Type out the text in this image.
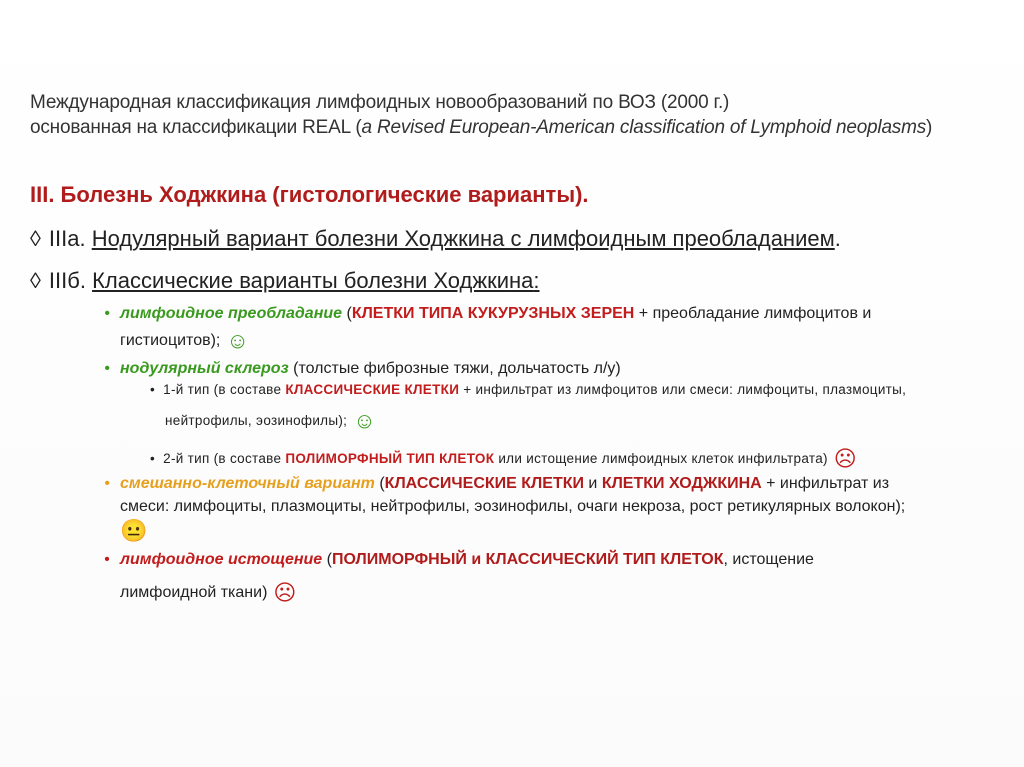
Международная классификация лимфоидных новообразований по ВОЗ (2000 г.)
основанная на классификации REAL (a Revised European-American classification of Lymphoid neoplasms)
III. Болезнь Ходжкина (гистологические варианты).
◊ IIIа. Нодулярный вариант болезни Ходжкина с лимфоидным преобладанием.
◊ IIIб. Классические варианты болезни Ходжкина:
• лимфоидное преобладание (КЛЕТКИ ТИПА КУКУРУЗНЫХ ЗЕРЕН + преобладание лимфоцитов и
гистиоцитов); ☺
• нодулярный склероз (толстые фиброзные тяжи, дольчатость л/у)
• 1-й тип (в составе КЛАССИЧЕСКИЕ КЛЕТКИ + инфильтрат из лимфоцитов или смеси: лимфоциты, плазмоциты,
нейтрофилы, эозинофилы); ☺
• 2-й тип (в составе ПОЛИМОРФНЫЙ ТИП КЛЕТОК или истощение лимфоидных клеток инфильтрата) ☹
• смешанно-клеточный вариант (КЛАССИЧЕСКИЕ КЛЕТКИ и КЛЕТКИ ХОДЖКИНА + инфильтрат из
смеси: лимфоциты, плазмоциты, нейтрофилы, эозинофилы, очаги некроза, рост ретикулярных волокон);
😐
• лимфоидное истощение (ПОЛИМОРФНЫЙ и КЛАССИЧЕСКИЙ ТИП КЛЕТОК, истощение
лимфоидной ткани) ☹
